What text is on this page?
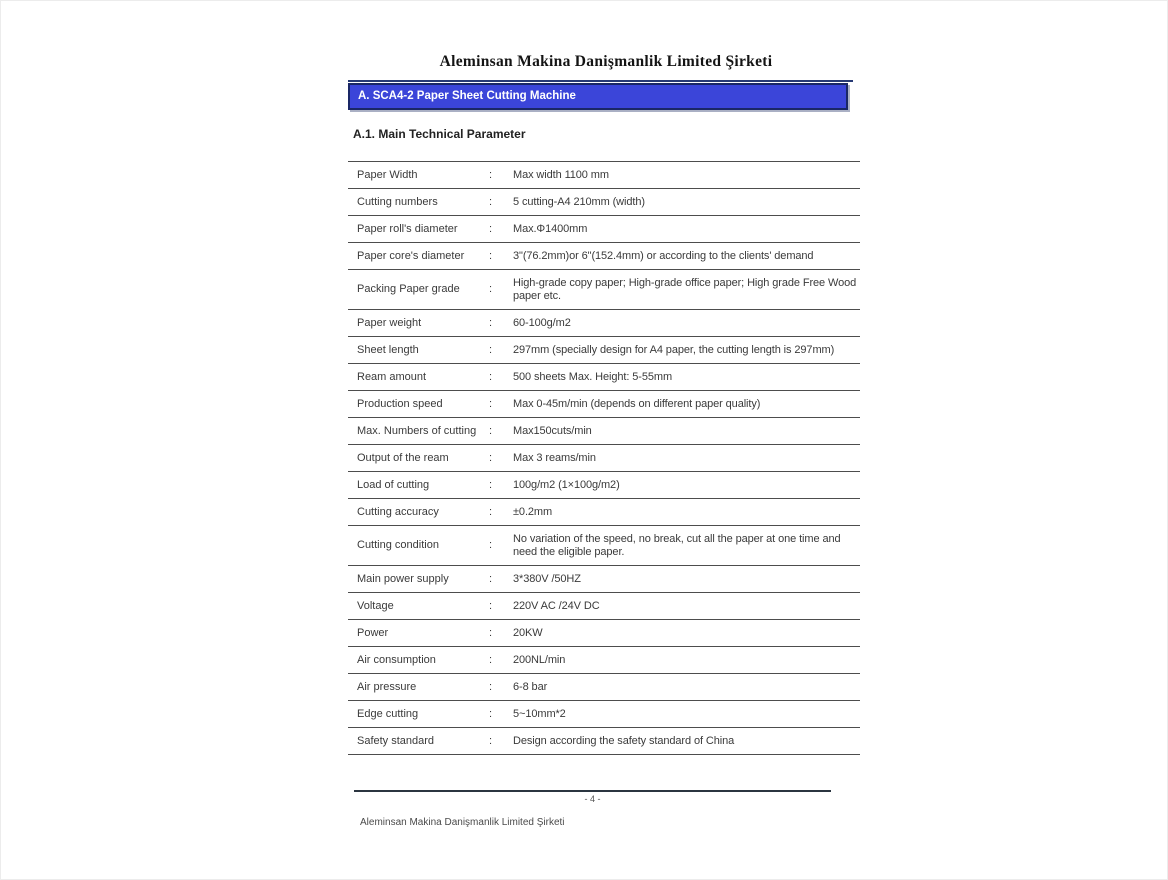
Aleminsan Makina Danişmanlik Limited Şirketi
A. SCA4-2 Paper Sheet Cutting Machine
A.1. Main Technical Parameter
Paper Width	:	Max width 1100 mm
Cutting numbers	:	5 cutting-A4 210mm (width)
Paper roll's diameter	:	Max.Φ1400mm
Paper core's diameter	:	3"(76.2mm)or 6"(152.4mm) or according to the clients' demand
Packing Paper grade	:	High-grade copy paper; High-grade office paper; High grade Free Wood paper etc.
Paper weight	:	60-100g/m2
Sheet length	:	297mm (specially design for A4 paper, the cutting length is 297mm)
Ream amount	:	500 sheets Max. Height: 5-55mm
Production speed	:	Max 0-45m/min (depends on different paper quality)
Max. Numbers of cutting	:	Max150cuts/min
Output of the ream	:	Max 3 reams/min
Load of cutting	:	100g/m2 (1×100g/m2)
Cutting accuracy	:	±0.2mm
Cutting condition	:	No variation of the speed, no break, cut all the paper at one time and need the eligible paper.
Main power supply	:	3*380V /50HZ
Voltage	:	220V AC /24V DC
Power	:	20KW
Air consumption	:	200NL/min
Air pressure	:	6-8 bar
Edge cutting	:	5~10mm*2
Safety standard	:	Design according the safety standard of China
- 4 -
Aleminsan Makina Danişmanlik Limited Şirketi
